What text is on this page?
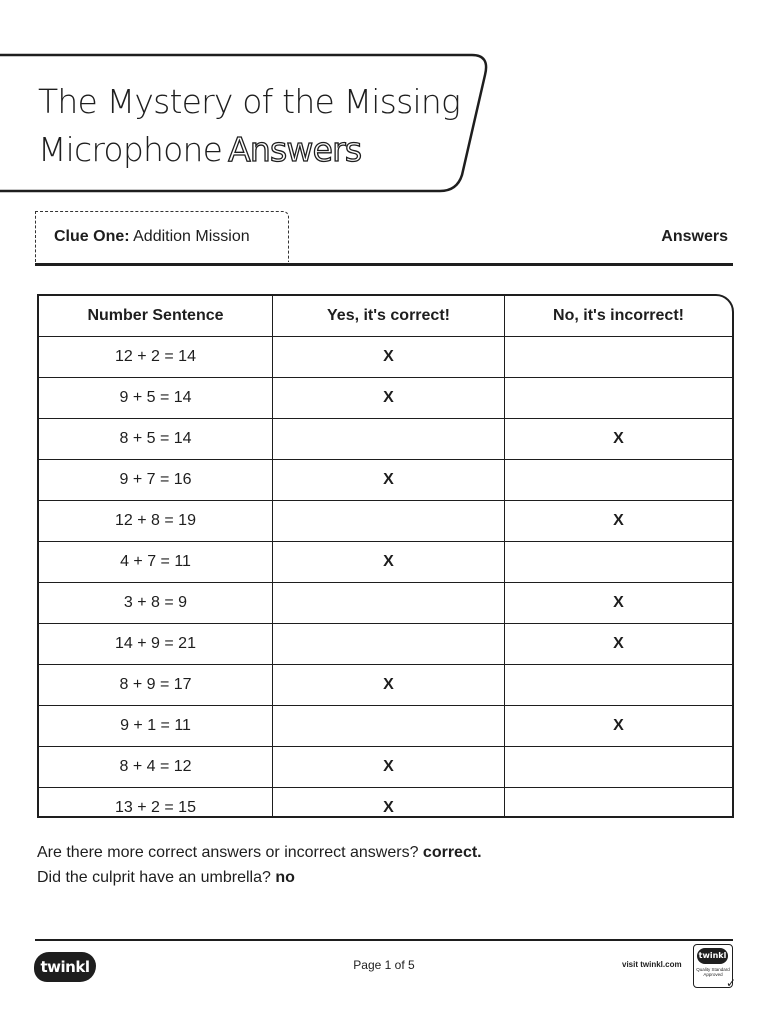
The Mystery of the Missing
Microphone Answers
Clue One: Addition Mission	Answers
Number Sentence	Yes, it's correct!	No, it's incorrect!
12 + 2 = 14	X	
9 + 5 = 14	X	
8 + 5 = 14		X
9 + 7 = 16	X	
12 + 8 = 19		X
4 + 7 = 11	X	
3 + 8 = 9		X
14 + 9 = 21		X
8 + 9 = 17	X	
9 + 1 = 11		X
8 + 4 = 12	X	
13 + 2 = 15	X	
Are there more correct answers or incorrect answers? correct.
Did the culprit have an umbrella? no
twinkl	Page 1 of 5	visit twinkl.com
twinkl
Quality Standard Approved
✓
